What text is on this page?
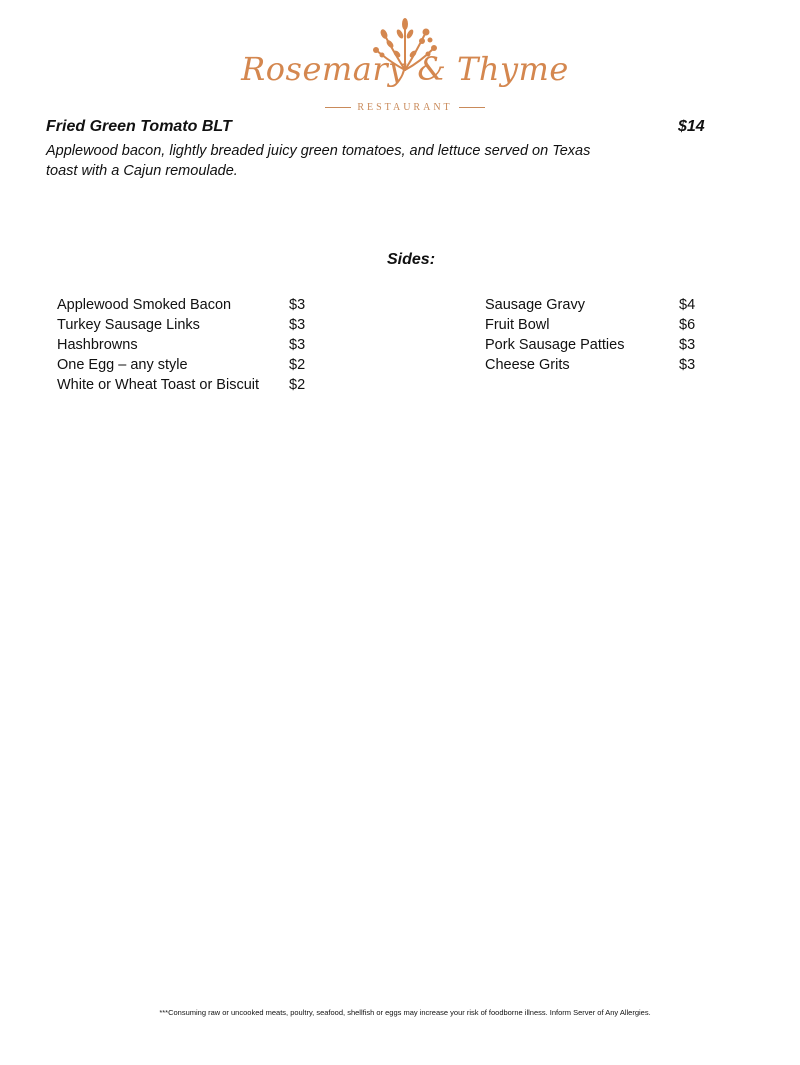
Rosemary & Thyme
RESTAURANT
Fried Green Tomato BLT	$14
Applewood bacon, lightly breaded juicy green tomatoes, and lettuce served on Texas toast with a Cajun remoulade.
Sides:
Applewood Smoked Bacon	$3
Turkey Sausage Links	$3
Hashbrowns	$3
One Egg – any style	$2
White or Wheat Toast or Biscuit $2
Sausage Gravy	$4
Fruit Bowl	$6
Pork Sausage Patties	$3
Cheese Grits	$3
***Consuming raw or uncooked meats, poultry, seafood, shellfish or eggs may increase your risk of foodborne illness. Inform Server of Any Allergies.
